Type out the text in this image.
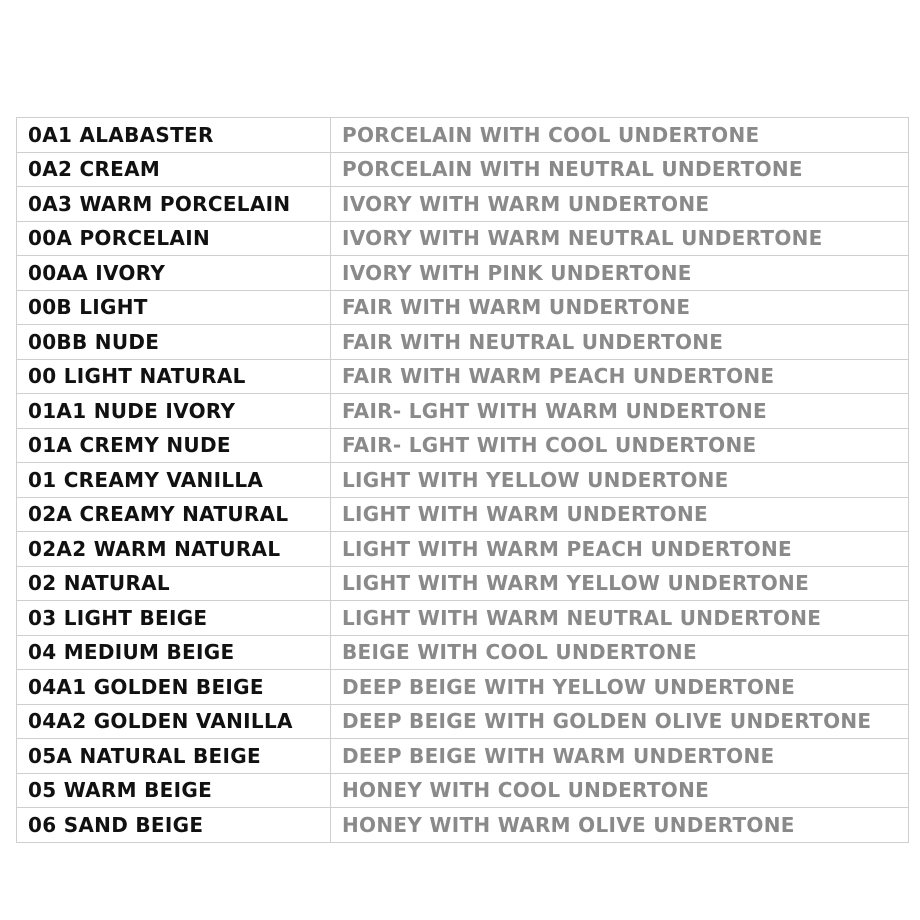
0A1 ALABASTER	PORCELAIN WITH COOL UNDERTONE
0A2 CREAM	PORCELAIN WITH NEUTRAL UNDERTONE
0A3 WARM PORCELAIN	IVORY WITH WARM UNDERTONE
00A PORCELAIN	IVORY WITH WARM NEUTRAL UNDERTONE
00AA IVORY	IVORY WITH PINK UNDERTONE
00B LIGHT	FAIR WITH WARM UNDERTONE
00BB NUDE	FAIR WITH NEUTRAL UNDERTONE
00 LIGHT NATURAL	FAIR WITH WARM PEACH UNDERTONE
01A1 NUDE IVORY	FAIR- LGHT WITH WARM UNDERTONE
01A CREMY NUDE	FAIR- LGHT WITH COOL UNDERTONE
01 CREAMY VANILLA	LIGHT WITH YELLOW UNDERTONE
02A CREAMY NATURAL	LIGHT WITH WARM UNDERTONE
02A2 WARM NATURAL	LIGHT WITH WARM PEACH UNDERTONE
02 NATURAL	LIGHT WITH WARM YELLOW UNDERTONE
03 LIGHT BEIGE	LIGHT WITH WARM NEUTRAL UNDERTONE
04 MEDIUM BEIGE	BEIGE WITH COOL UNDERTONE
04A1 GOLDEN BEIGE	DEEP BEIGE WITH YELLOW UNDERTONE
04A2 GOLDEN VANILLA	DEEP BEIGE WITH GOLDEN OLIVE UNDERTONE
05A NATURAL BEIGE	DEEP BEIGE WITH WARM UNDERTONE
05 WARM BEIGE	HONEY WITH COOL UNDERTONE
06 SAND BEIGE	HONEY WITH WARM OLIVE UNDERTONE
